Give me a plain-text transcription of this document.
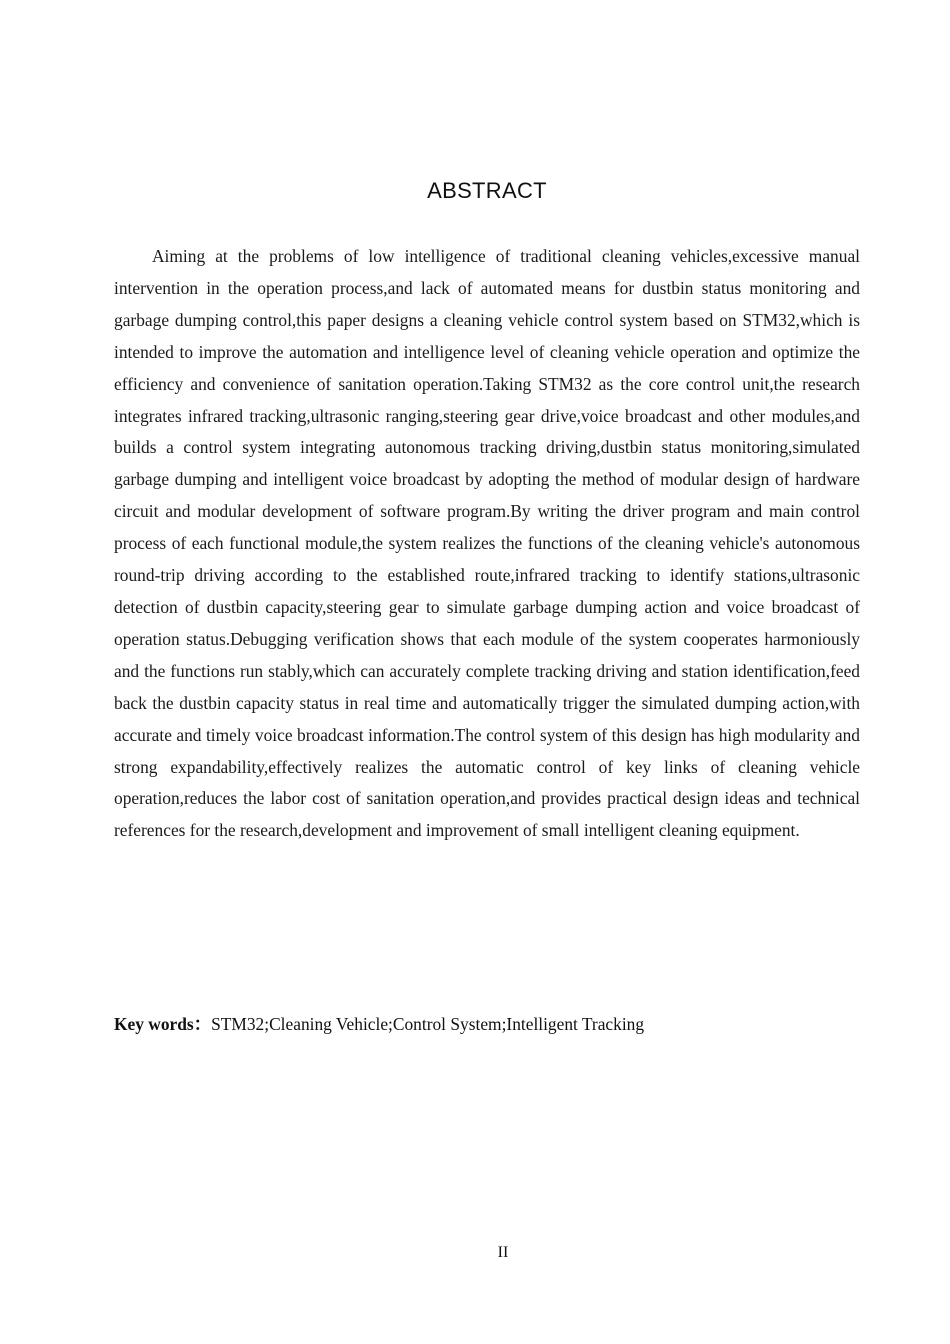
ABSTRACT

Aiming at the problems of low intelligence of traditional cleaning vehicles,excessive manual intervention in the operation process,and lack of automated means for dustbin status monitoring and garbage dumping control,this paper designs a cleaning vehicle control system based on STM32,which is intended to improve the automation and intelligence level of cleaning vehicle operation and optimize the efficiency and convenience of sanitation operation.Taking STM32 as the core control unit,the research integrates infrared tracking,ultrasonic ranging,steering gear drive,voice broadcast and other modules,and builds a control system integrating autonomous tracking driving,dustbin status monitoring,simulated garbage dumping and intelligent voice broadcast by adopting the method of modular design of hardware circuit and modular development of software program.By writing the driver program and main control process of each functional module,the system realizes the functions of the cleaning vehicle's autonomous round-trip driving according to the established route,infrared tracking to identify stations,ultrasonic detection of dustbin capacity,steering gear to simulate garbage dumping action and voice broadcast of operation status.Debugging verification shows that each module of the system cooperates harmoniously and the functions run stably,which can accurately complete tracking driving and station identification,feed back the dustbin capacity status in real time and automatically trigger the simulated dumping action,with accurate and timely voice broadcast information.The control system of this design has high modularity and strong expandability,effectively realizes the automatic control of key links of cleaning vehicle operation,reduces the labor cost of sanitation operation,and provides practical design ideas and technical references for the research,development and improvement of small intelligent cleaning equipment.

Key words：STM32;Cleaning Vehicle;Control System;Intelligent Tracking

II
